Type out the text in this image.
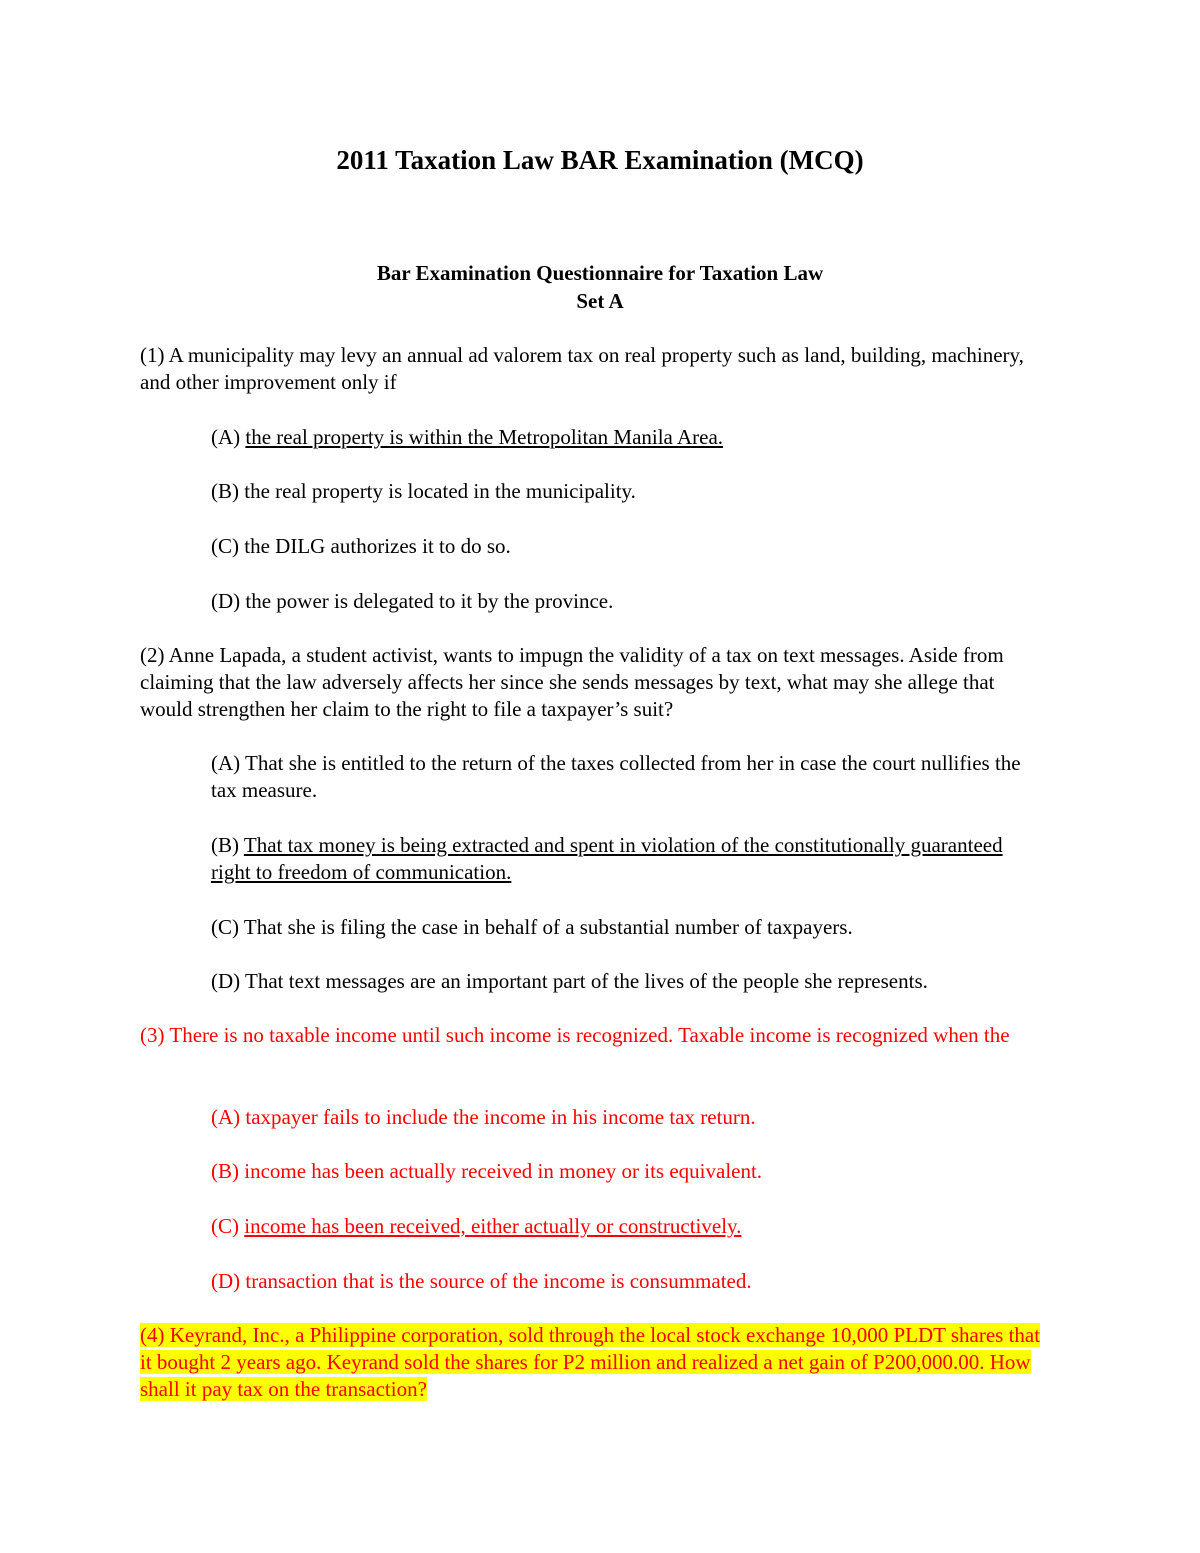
2011 Taxation Law BAR Examination (MCQ)
Bar Examination Questionnaire for Taxation Law
Set A
(1) A municipality may levy an annual ad valorem tax on real property such as land, building, machinery, and other improvement only if
(A) the real property is within the Metropolitan Manila Area.
(B) the real property is located in the municipality.
(C) the DILG authorizes it to do so.
(D) the power is delegated to it by the province.
(2) Anne Lapada, a student activist, wants to impugn the validity of a tax on text messages. Aside from claiming that the law adversely affects her since she sends messages by text, what may she allege that would strengthen her claim to the right to file a taxpayer’s suit?
(A) That she is entitled to the return of the taxes collected from her in case the court nullifies the tax measure.
(B) That tax money is being extracted and spent in violation of the constitutionally guaranteed right to freedom of communication.
(C) That she is filing the case in behalf of a substantial number of taxpayers.
(D) That text messages are an important part of the lives of the people she represents.
(3) There is no taxable income until such income is recognized. Taxable income is recognized when the
(A) taxpayer fails to include the income in his income tax return.
(B) income has been actually received in money or its equivalent.
(C) income has been received, either actually or constructively.
(D) transaction that is the source of the income is consummated.
(4) Keyrand, Inc., a Philippine corporation, sold through the local stock exchange 10,000 PLDT shares that it bought 2 years ago. Keyrand sold the shares for P2 million and realized a net gain of P200,000.00. How shall it pay tax on the transaction?
